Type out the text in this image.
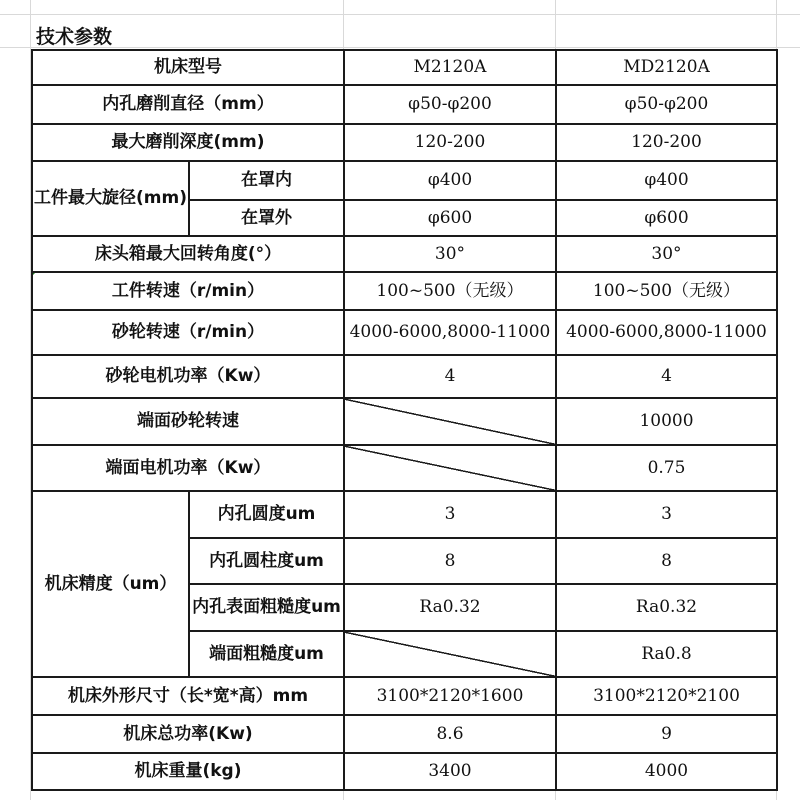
技术参数
机床型号		M2120A	MD2120A
内孔磨削直径（mm）		φ50-φ200	φ50-φ200
最大磨削深度(mm)		120-200	120-200
工件最大旋径(mm)	在罩内	φ400	φ400
	在罩外	φ600	φ600
床头箱最大回转角度(°）		30°	30°
工件转速（r/min）		100~500（无级）	100~500（无级）
砂轮转速（r/min）		4000-6000,8000-11000	4000-6000,8000-11000
砂轮电机功率（Kw）		4	4
端面砂轮转速			10000
端面电机功率（Kw）			0.75
机床精度（um）	内孔圆度um	3	3
	内孔圆柱度um	8	8
	内孔表面粗糙度um	Ra0.32	Ra0.32
	端面粗糙度um		Ra0.8
机床外形尺寸（长*宽*高）mm		3100*2120*1600	3100*2120*2100
机床总功率(Kw)		8.6	9
机床重量(kg)		3400	4000
